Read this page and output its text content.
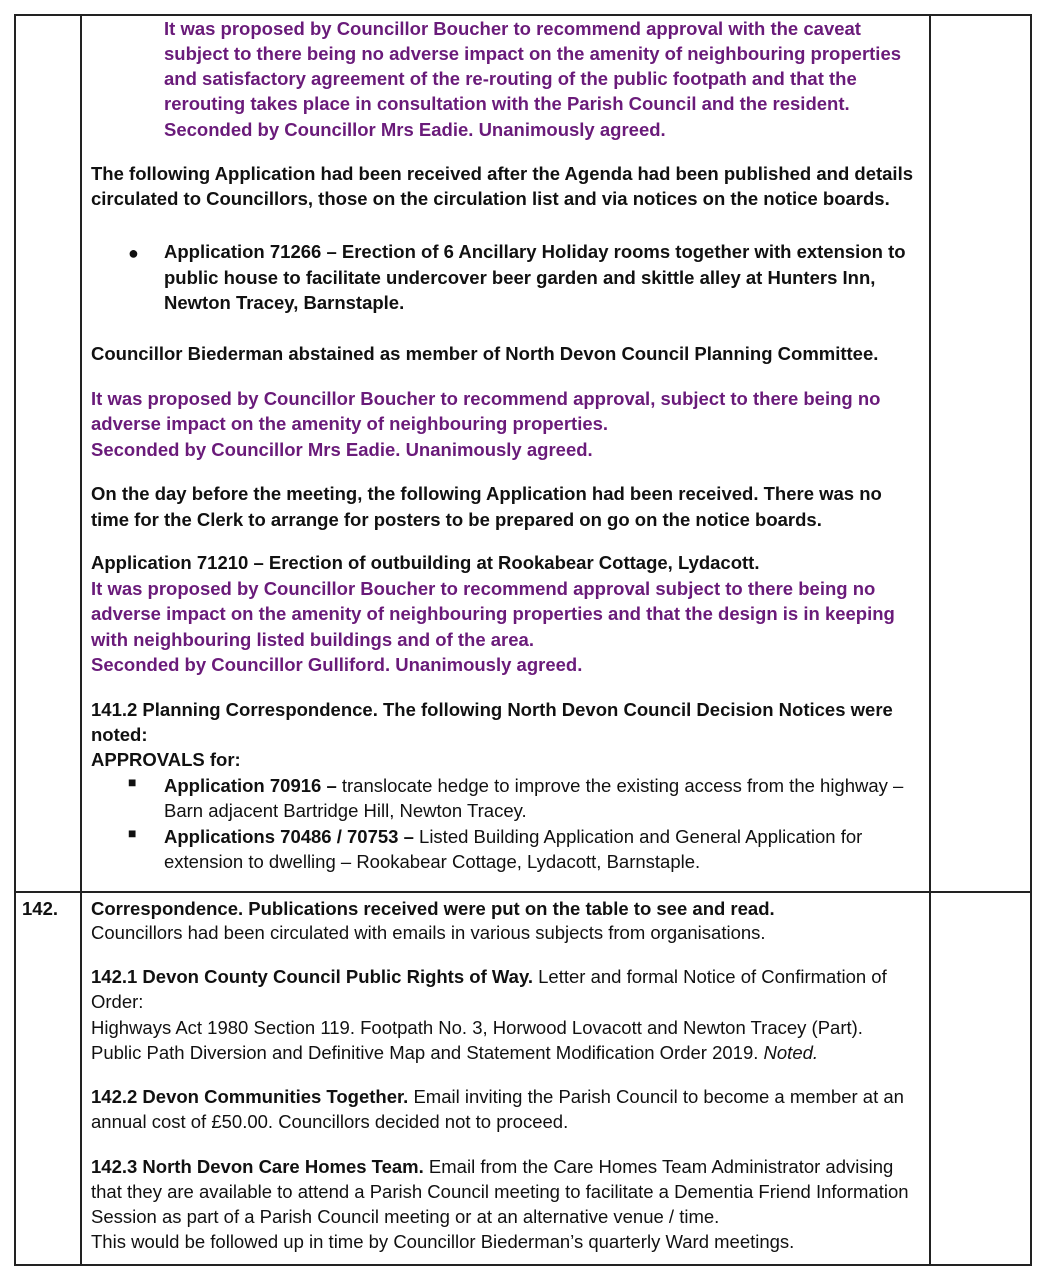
It was proposed by Councillor Boucher to recommend approval with the caveat
subject to there being no adverse impact on the amenity of neighbouring properties
and satisfactory agreement of the re-routing of the public footpath and that the
rerouting takes place in consultation with the Parish Council and the resident.
Seconded by Councillor Mrs Eadie. Unanimously agreed.
The following Application had been received after the Agenda had been published and details
circulated to Councillors, those on the circulation list and via notices on the notice boards.
● Application 71266 – Erection of 6 Ancillary Holiday rooms together with extension to
public house to facilitate undercover beer garden and skittle alley at Hunters Inn,
Newton Tracey, Barnstaple.
Councillor Biederman abstained as member of North Devon Council Planning Committee.
It was proposed by Councillor Boucher to recommend approval, subject to there being no
adverse impact on the amenity of neighbouring properties.
Seconded by Councillor Mrs Eadie. Unanimously agreed.
On the day before the meeting, the following Application had been received. There was no
time for the Clerk to arrange for posters to be prepared on go on the notice boards.
Application 71210 – Erection of outbuilding at Rookabear Cottage, Lydacott.
It was proposed by Councillor Boucher to recommend approval subject to there being no
adverse impact on the amenity of neighbouring properties and that the design is in keeping
with neighbouring listed buildings and of the area.
Seconded by Councillor Gulliford. Unanimously agreed.
141.2 Planning Correspondence. The following North Devon Council Decision Notices were
noted:
APPROVALS for:
■ Application 70916 – translocate hedge to improve the existing access from the highway –
Barn adjacent Bartridge Hill, Newton Tracey.
■ Applications 70486 / 70753 – Listed Building Application and General Application for
extension to dwelling – Rookabear Cottage, Lydacott, Barnstaple.
142. Correspondence. Publications received were put on the table to see and read.
Councillors had been circulated with emails in various subjects from organisations.
142.1 Devon County Council Public Rights of Way. Letter and formal Notice of Confirmation of
Order:
Highways Act 1980 Section 119. Footpath No. 3, Horwood Lovacott and Newton Tracey (Part).
Public Path Diversion and Definitive Map and Statement Modification Order 2019. Noted.
142.2 Devon Communities Together. Email inviting the Parish Council to become a member at an
annual cost of £50.00. Councillors decided not to proceed.
142.3 North Devon Care Homes Team. Email from the Care Homes Team Administrator advising
that they are available to attend a Parish Council meeting to facilitate a Dementia Friend Information
Session as part of a Parish Council meeting or at an alternative venue / time.
This would be followed up in time by Councillor Biederman’s quarterly Ward meetings.
